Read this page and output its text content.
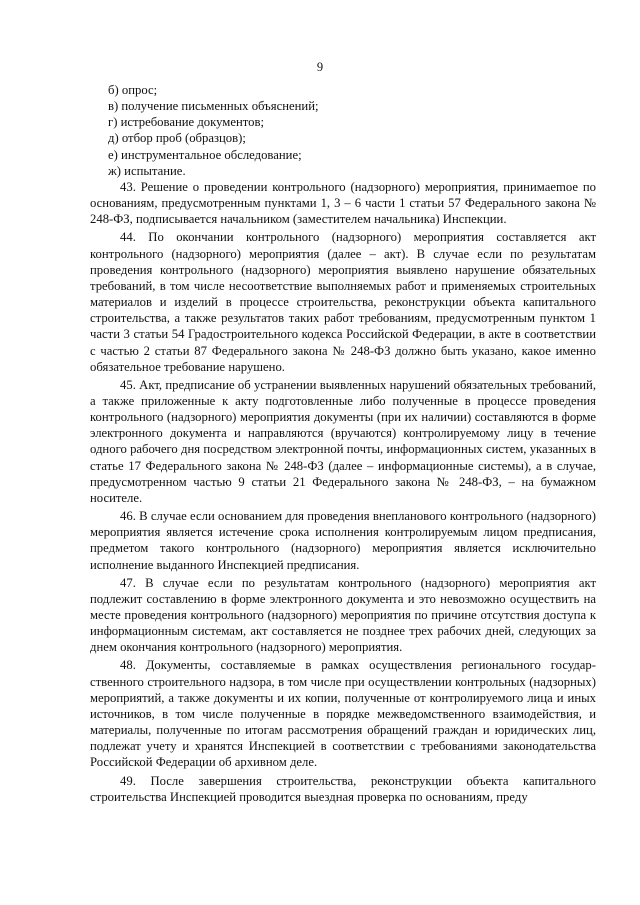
9

б) опрос;

в) получение письменных объяснений;

г) истребование документов;

д) отбор проб (образцов);

е) инструментальное обследование;

ж) испытание.

43. Решение о проведении контрольного (надзорного) мероприятия, принимаеmое по основаниям, предусмотренным пунктами 1, 3 – 6 части 1 статьи 57 Федерального закона № 248-ФЗ, подписывается начальником (заместителем начальника) Инспекции.

44. По окончании контрольного (надзорного) мероприятия составляется акт контрольного (надзорного) мероприятия (далее – акт). В случае если по результатам проведения контрольного (надзорного) мероприятия выявлено нарушение обязательных требований, в том числе несоответствие выполняемых работ и применяемых строительных материалов и изделий в процессе строительства, реконструкции объекта капитального строительства, а также результатов таких работ требованиям, предусмотренным пунктом 1 части 3 статьи 54 Градостроительного кодекса Российской Федерации, в акте в соответствии с частью 2 статьи 87 Федерального закона № 248-ФЗ должно быть указано, какое именно обязательное требование нарушено.

45. Акт, предписание об устранении выявленных нарушений обязательных требований, а также приложенные к акту подготовленные либо полученные в процессе проведения контрольного (надзорного) мероприятия документы (при их наличии) составляются в форме электронного документа и направляются (вручаются) контролируемому лицу в течение одного рабочего дня посредством электронной почты, информационных систем, указанных в статье 17 Федерального закона № 248-ФЗ (далее – информационные системы), а в случае, предусмотренном частью 9 статьи 21 Федерального закона № 248-ФЗ, – на бумажном носителе.

46. В случае если основанием для проведения внепланового контрольного (надзорного) мероприятия является истечение срока исполнения контролируемым лицом предписания, предметом такого контрольного (надзорного) мероприятия является исключительно исполнение выданного Инспекцией предписания.

47. В случае если по результатам контрольного (надзорного) мероприятия акт подлежит составлению в форме электронного документа и это невозможно осуществить на месте проведения контрольного (надзорного) мероприятия по причине отсутствия доступа к информационным системам, акт составляется не позднее трех рабочих дней, следующих за днем окончания контрольного (надзорного) мероприятия.

48. Документы, составляемые в рамках осуществления регионального государственного строительного надзора, в том числе при осуществлении контрольных (надзорных) мероприятий, а также документы и их копии, полученные от контролируемого лица и иных источников, в том числе полученные в порядке межведомственного взаимодействия, и материалы, полученные по итогам рассмотрения обращений граждан и юридических лиц, подлежат учету и хранятся Инспекцией в соответствии с требованиями законодательства Российской Федерации об архивном деле.

49. После завершения строительства, реконструкции объекта капитального строительства Инспекцией проводится выездная проверка по основаниям, преду
